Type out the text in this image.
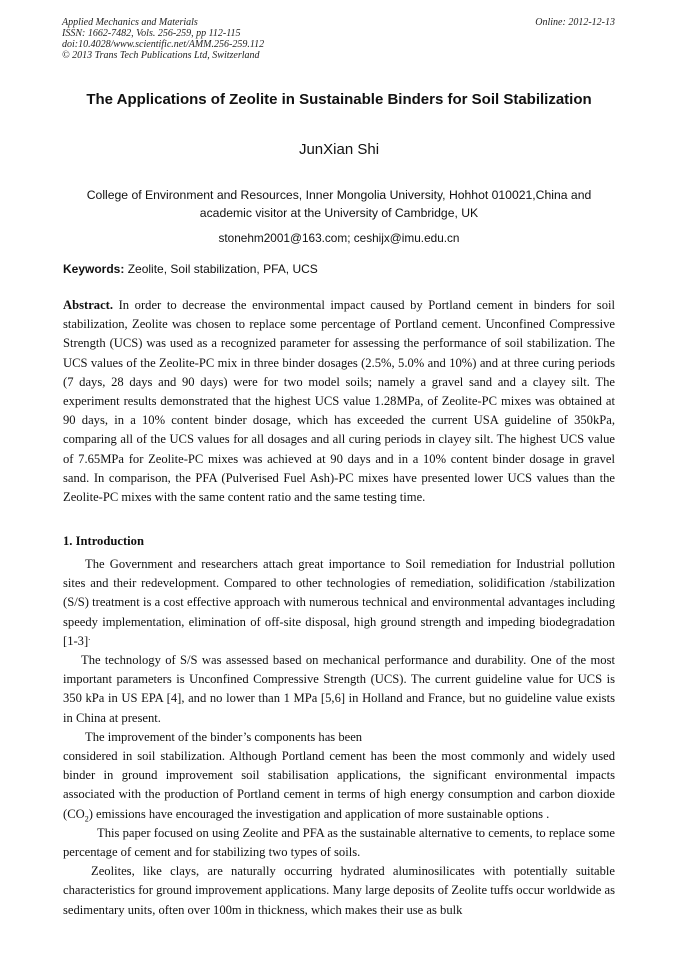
Applied Mechanics and Materials
ISSN: 1662-7482, Vols. 256-259, pp 112-115
doi:10.4028/www.scientific.net/AMM.256-259.112
© 2013 Trans Tech Publications Ltd, Switzerland
Online: 2012-12-13
The Applications of Zeolite in Sustainable Binders for Soil Stabilization
JunXian Shi
College of Environment and Resources, Inner Mongolia University, Hohhot 010021,China and academic visitor at the University of Cambridge, UK
stonehm2001@163.com; ceshijx@imu.edu.cn
Keywords: Zeolite, Soil stabilization, PFA, UCS
Abstract. In order to decrease the environmental impact caused by Portland cement in binders for soil stabilization, Zeolite was chosen to replace some percentage of Portland cement. Unconfined Compressive Strength (UCS) was used as a recognized parameter for assessing the performance of soil stabilization. The UCS values of the Zeolite-PC mix in three binder dosages (2.5%, 5.0% and 10%) and at three curing periods (7 days, 28 days and 90 days) were for two model soils; namely a gravel sand and a clayey silt. The experiment results demonstrated that the highest UCS value 1.28MPa, of Zeolite-PC mixes was obtained at 90 days, in a 10% content binder dosage, which has exceeded the current USA guideline of 350kPa, comparing all of the UCS values for all dosages and all curing periods in clayey silt. The highest UCS value of 7.65MPa for Zeolite-PC mixes was achieved at 90 days and in a 10% content binder dosage in gravel sand. In comparison, the PFA (Pulverised Fuel Ash)-PC mixes have presented lower UCS values than the Zeolite-PC mixes with the same content ratio and the same testing time.
1. Introduction

The Government and researchers attach great importance to Soil remediation for Industrial pollution sites and their redevelopment. Compared to other technologies of remediation, solidification /stabilization (S/S) treatment is a cost effective approach with numerous technical and environmental advantages including speedy implementation, elimination of off-site disposal, high ground strength and impeding biodegradation [1-3].

The technology of S/S was assessed based on mechanical performance and durability. One of the most important parameters is Unconfined Compressive Strength (UCS). The current guideline value for UCS is 350 kPa in US EPA [4], and no lower than 1 MPa [5,6] in Holland and France, but no guideline value exists in China at present.

The improvement of the binder’s components has been

considered in soil stabilization. Although Portland cement has been the most commonly and widely used binder in ground improvement soil stabilisation applications, the significant environmental impacts associated with the production of Portland cement in terms of high energy consumption and carbon dioxide $(CO_2)$ emissions have encouraged the investigation and application of more sustainable options .

This paper focused on using Zeolite and PFA as the sustainable alternative to cements, to replace some percentage of cement and for stabilizing two types of soils.

Zeolites, like clays, are naturally occurring hydrated aluminosilicates with potentially suitable characteristics for ground improvement applications. Many large deposits of Zeolite tuffs occur worldwide as sedimentary units, often over 100m in thickness, which makes their use as bulk
